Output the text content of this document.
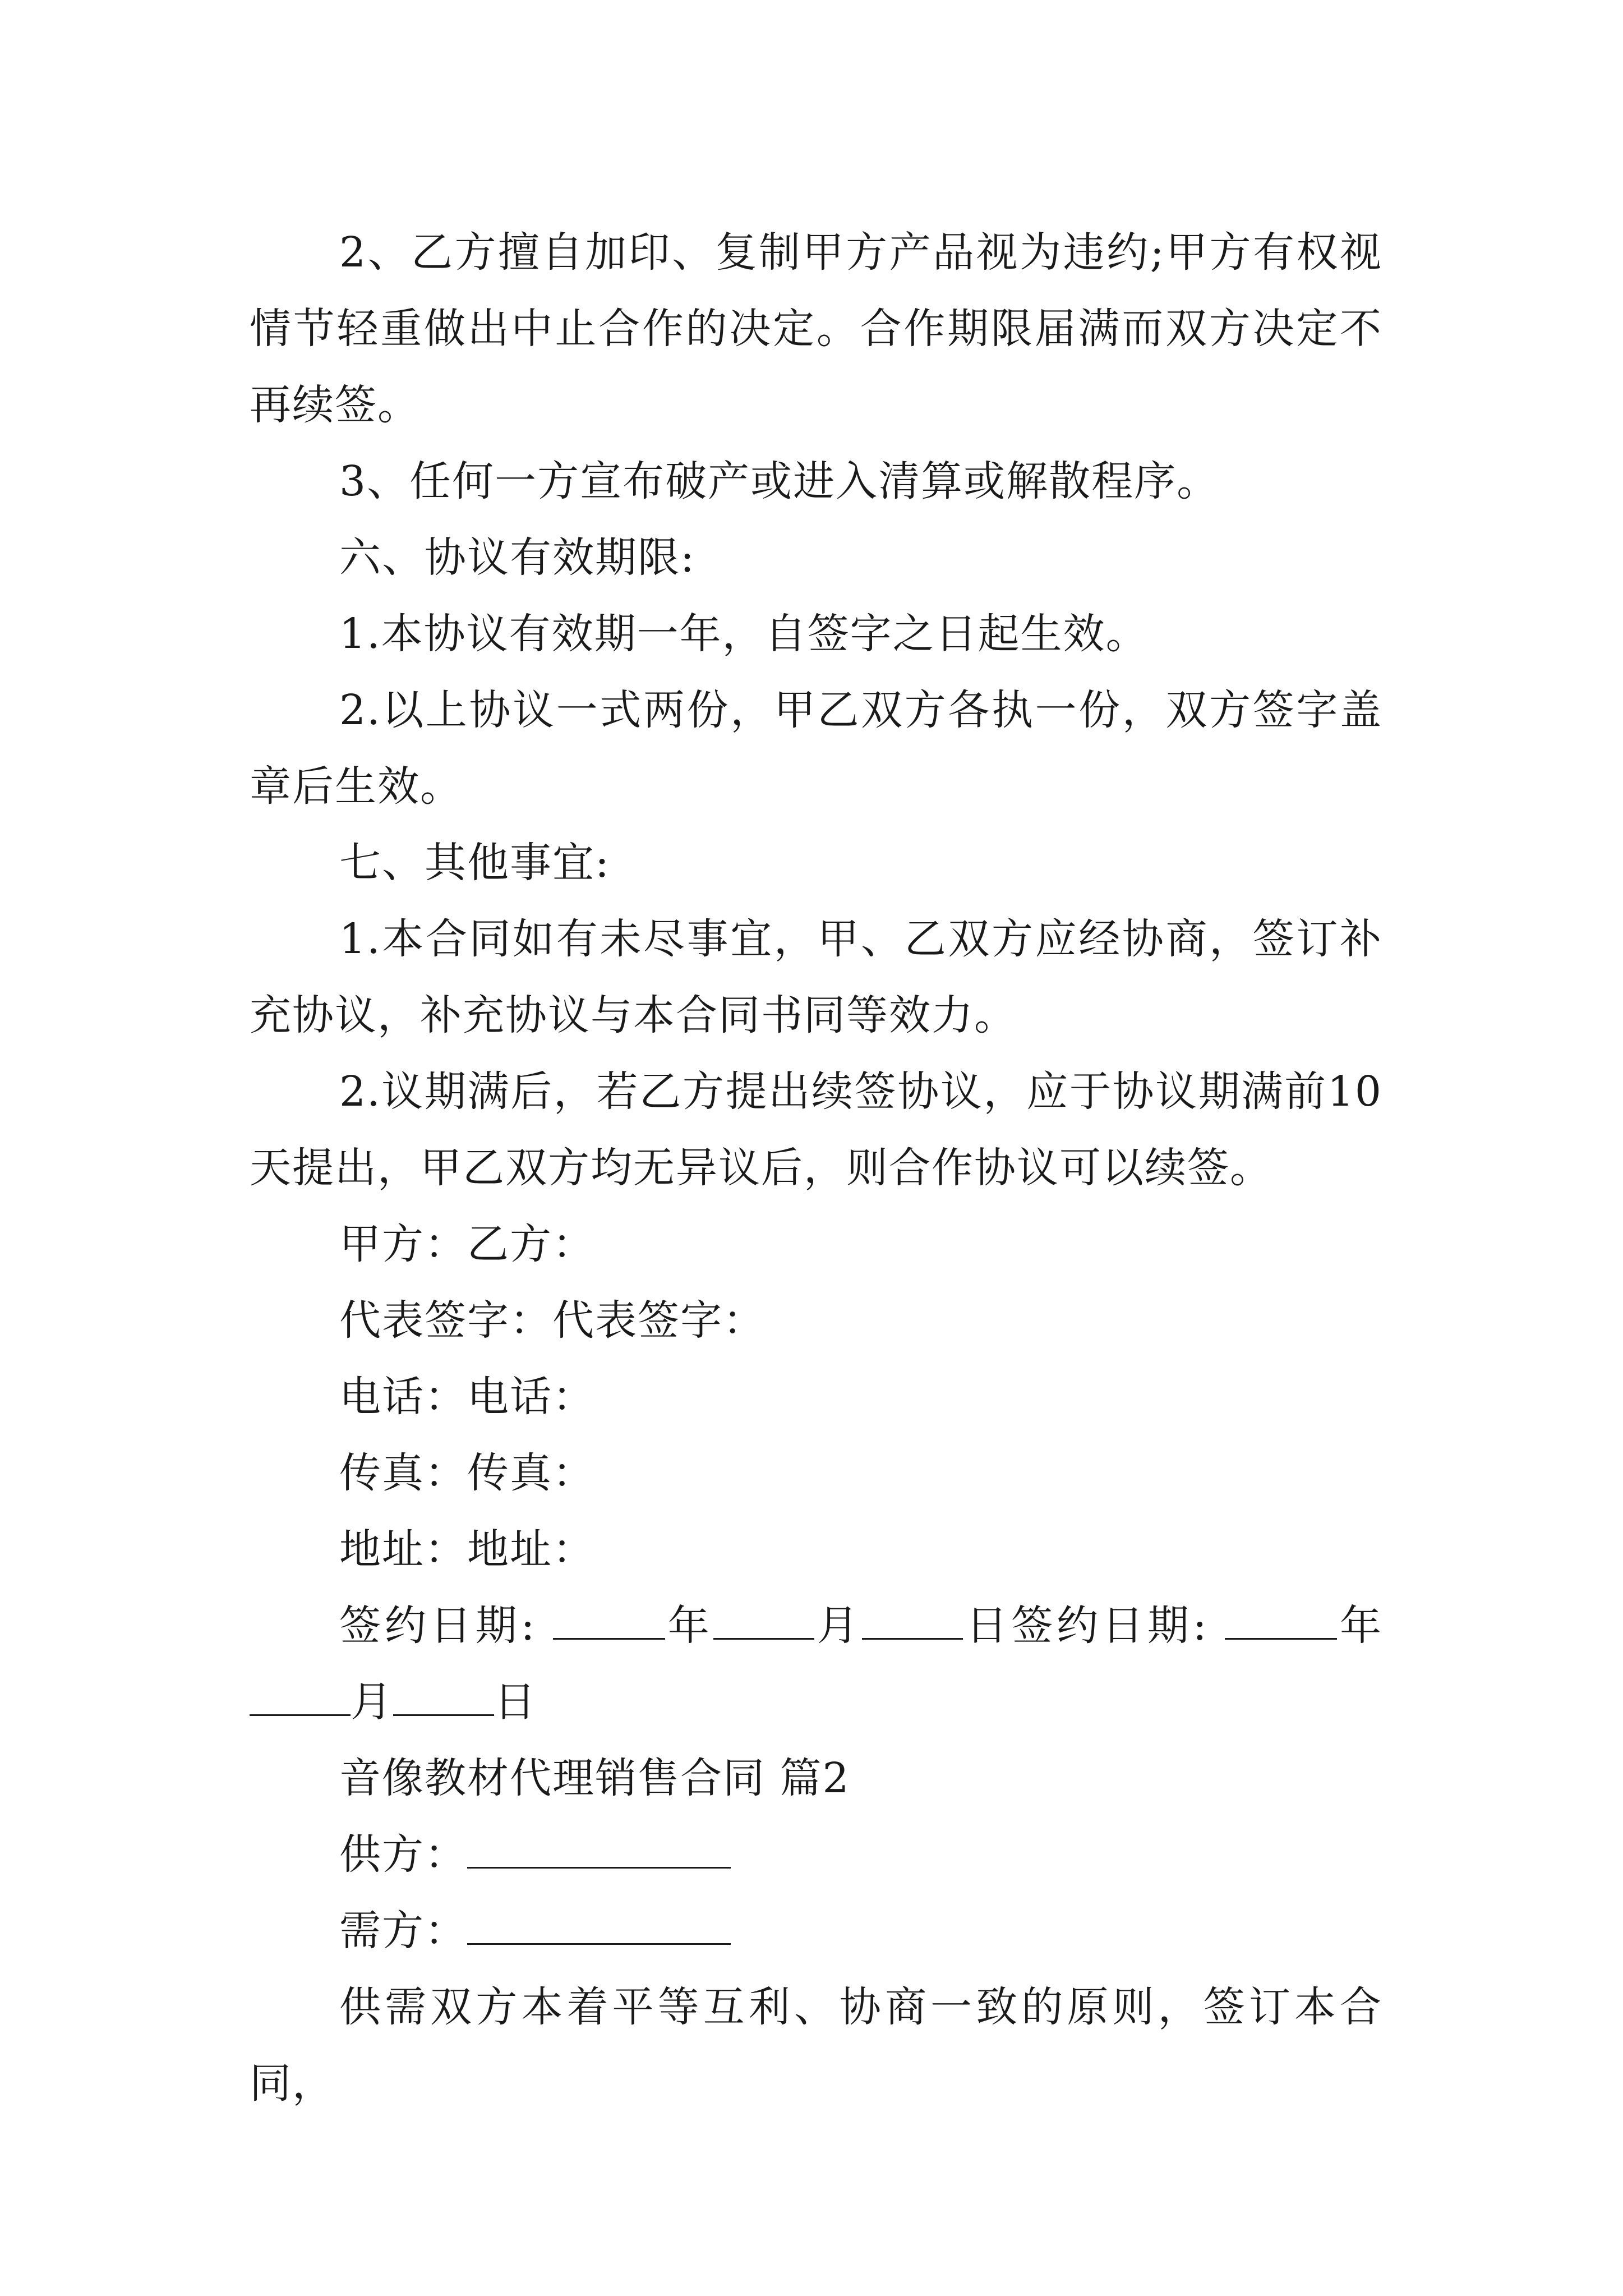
2、乙方擅自加印、复制甲方产品视为违约;甲方有权视情节轻重做出中止合作的决定。合作期限届满而双方决定不再续签。

3、任何一方宣布破产或进入清算或解散程序。

六、协议有效期限:

1.本协议有效期一年，自签字之日起生效。

2.以上协议一式两份，甲乙双方各执一份，双方签字盖章后生效。

七、其他事宜:

1.本合同如有未尽事宜，甲、乙双方应经协商，签订补充协议，补充协议与本合同书同等效力。

2.议期满后，若乙方提出续签协议，应于协议期满前10天提出，甲乙双方均无异议后，则合作协议可以续签。

甲方：乙方：

代表签字：代表签字：

电话：电话：

传真：传真：

地址：地址：

签约日期:	年 月 日签约日期:	年月 日

音像教材代理销售合同 篇2

供方：

需方：

供需双方本着平等互利、协商一致的原则，签订本合同，
